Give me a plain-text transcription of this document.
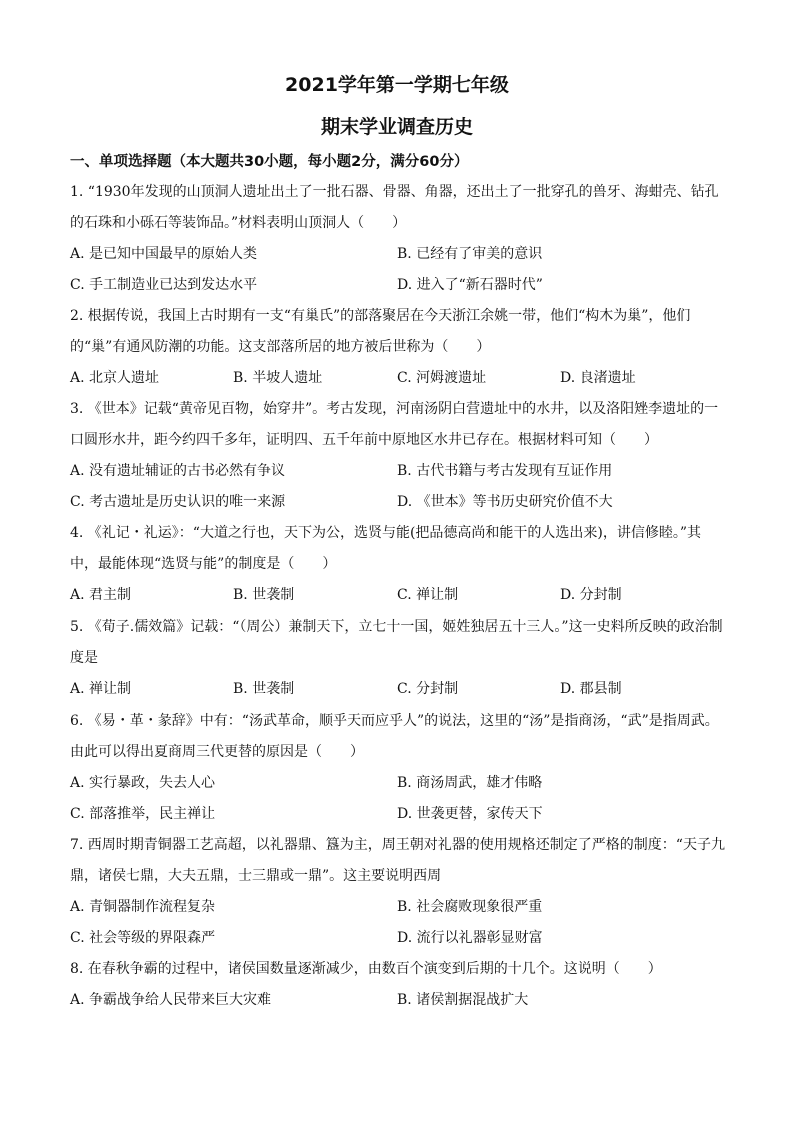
2021学年第一学期七年级
期末学业调查历史
一、单项选择题（本大题共30小题，每小题2分，满分60分）
1. “1930年发现的山顶洞人遗址出土了一批石器、骨器、角器，还出土了一批穿孔的兽牙、海蚶壳、钻孔的石珠和小砾石等装饰品。”材料表明山顶洞人（　　）
A. 是已知中国最早的原始人类	B. 已经有了审美的意识
C. 手工制造业已达到发达水平	D. 进入了“新石器时代”
2. 根据传说，我国上古时期有一支“有巢氏”的部落聚居在今天浙江余姚一带，他们“构木为巢”，他们的“巢”有通风防潮的功能。这支部落所居的地方被后世称为（　　）
A. 北京人遗址	B. 半坡人遗址	C. 河姆渡遗址	D. 良渚遗址
3. 《世本》记载“黄帝见百物，始穿井”。考古发现，河南汤阴白营遗址中的水井，以及洛阳矬李遗址的一口圆形水井，距今约四千多年，证明四、五千年前中原地区水井已存在。根据材料可知（　　）
A. 没有遗址辅证的古书必然有争议	B. 古代书籍与考古发现有互证作用
C. 考古遗址是历史认识的唯一来源	D. 《世本》等书历史研究价值不大
4. 《礼记・礼运》：“大道之行也，天下为公，选贤与能(把品德高尚和能干的人选出来)，讲信修睦。”其中，最能体现“选贤与能”的制度是（　　）
A. 君主制	B. 世袭制	C. 禅让制	D. 分封制
5. 《荀子.儒效篇》记载：“（周公）兼制天下，立七十一国，姬姓独居五十三人。”这一史料所反映的政治制度是
A. 禅让制	B. 世袭制	C. 分封制	D. 郡县制
6. 《易・革・彖辞》中有：“汤武革命，顺乎天而应乎人”的说法，这里的“汤”是指商汤，“武”是指周武。由此可以得出夏商周三代更替的原因是（　　）
A. 实行暴政，失去人心	B. 商汤周武，雄才伟略
C. 部落推举，民主禅让	D. 世袭更替，家传天下
7. 西周时期青铜器工艺高超，以礼器鼎、簋为主，周王朝对礼器的使用规格还制定了严格的制度：“天子九鼎，诸侯七鼎，大夫五鼎，士三鼎或一鼎”。这主要说明西周
A. 青铜器制作流程复杂	B. 社会腐败现象很严重
C. 社会等级的界限森严	D. 流行以礼器彰显财富
8. 在春秋争霸的过程中，诸侯国数量逐渐减少，由数百个演变到后期的十几个。这说明（　　）
A. 争霸战争给人民带来巨大灾难	B. 诸侯割据混战扩大
